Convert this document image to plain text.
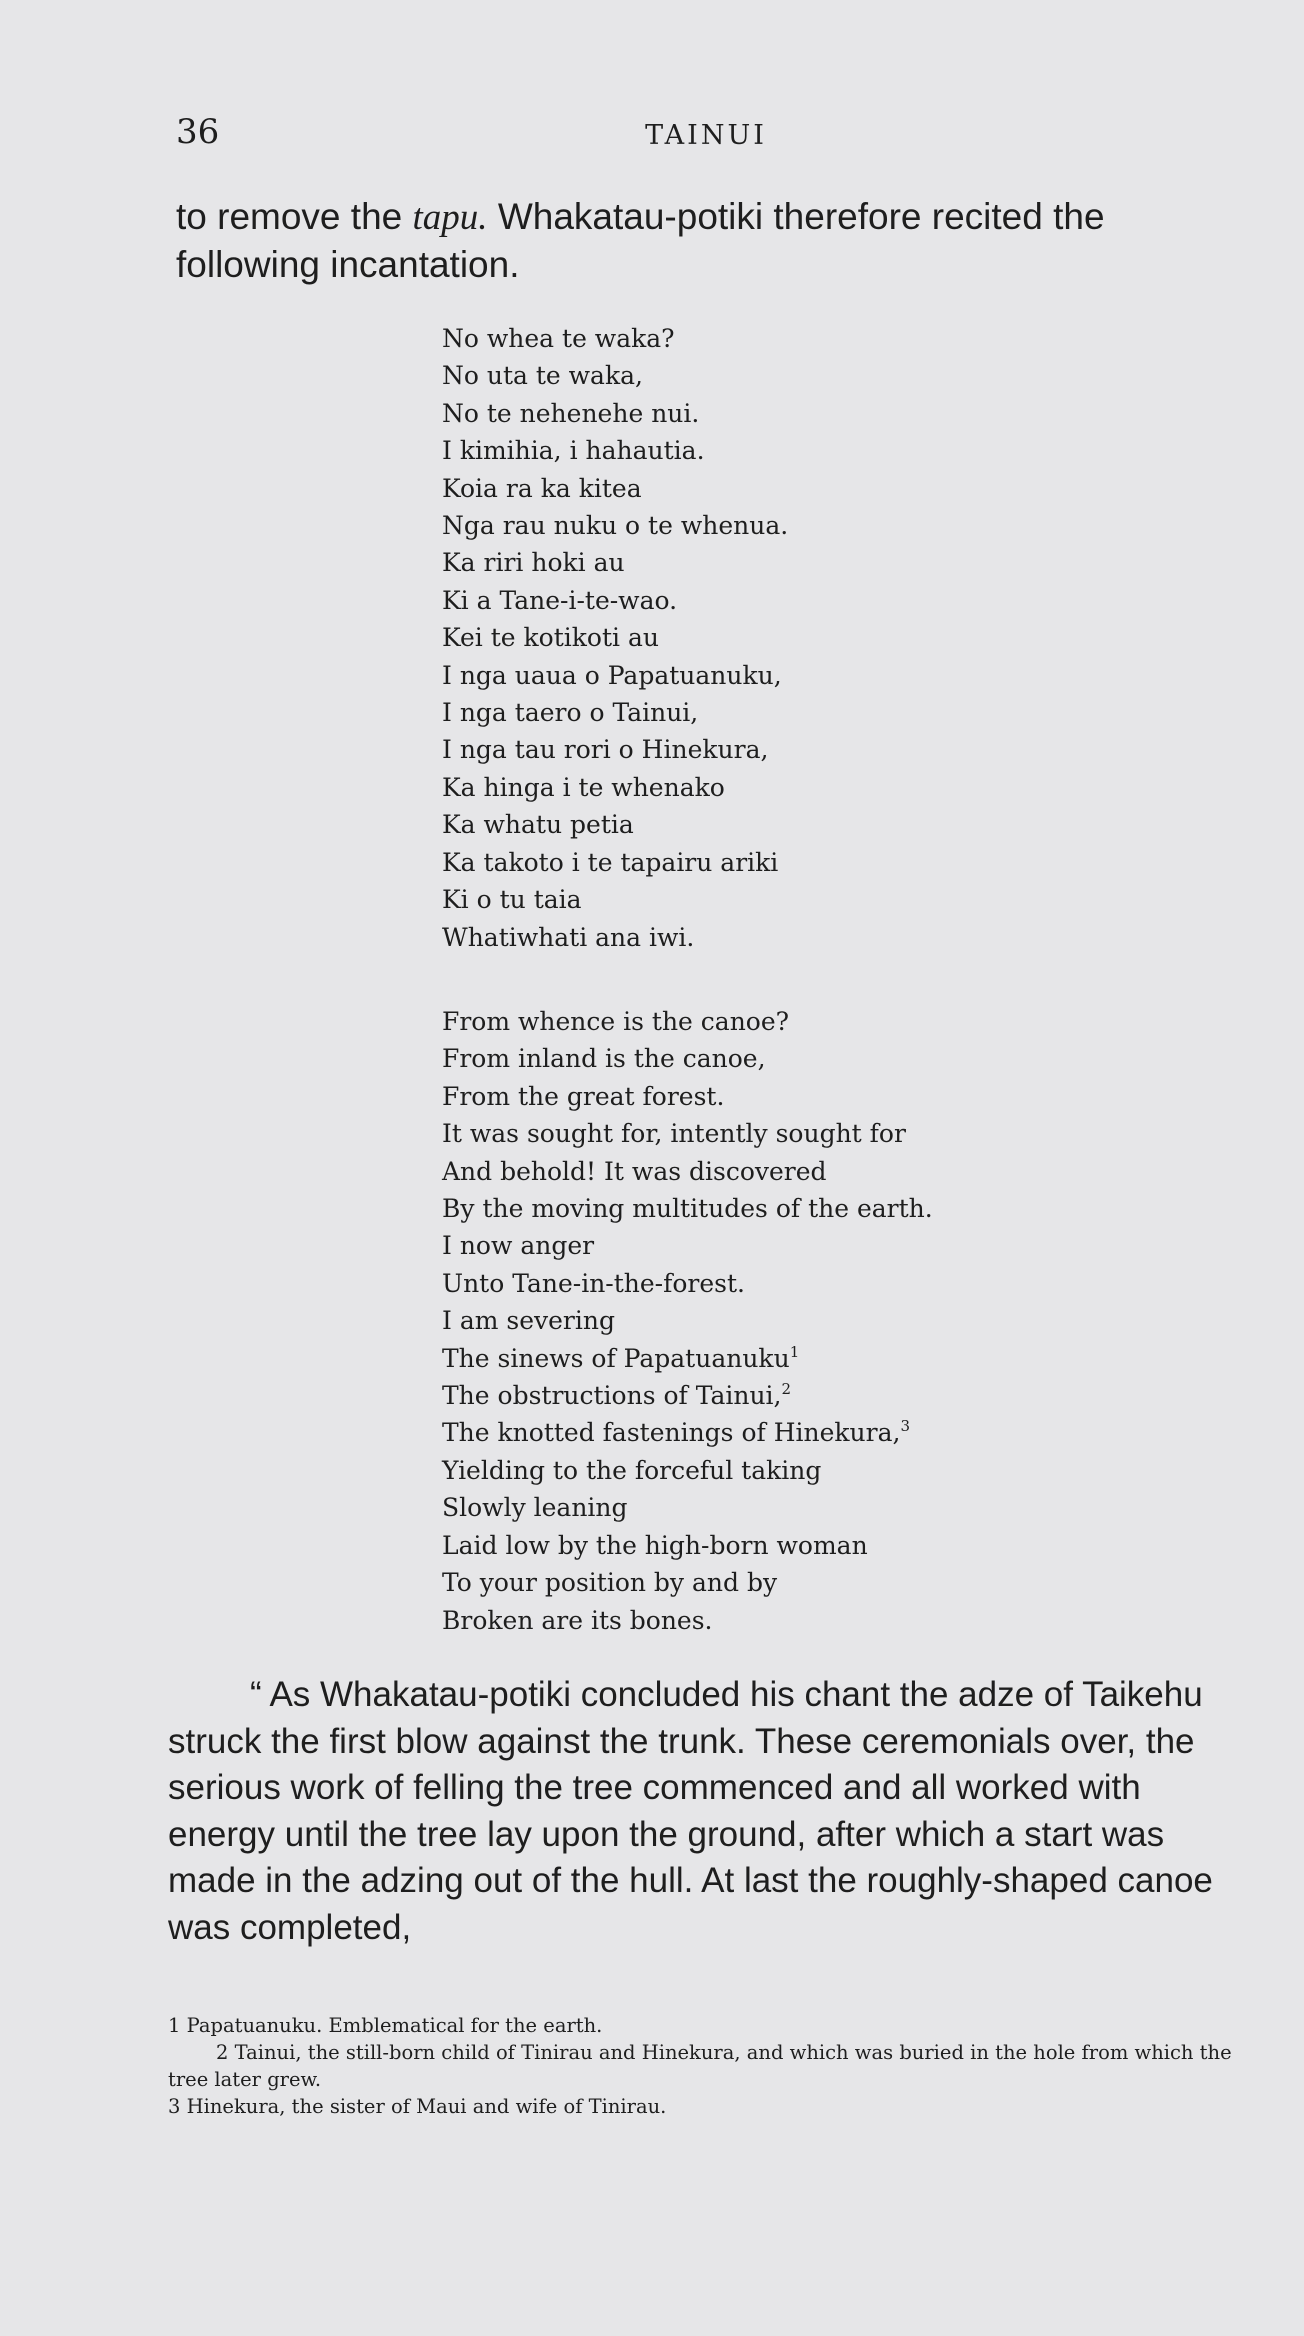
36	TAINUI

to remove the tapu. Whakatau-potiki therefore recited the following incantation.

No whea te waka?
No uta te waka,
No te nehenehe nui.
I kimihia, i hahautia.
Koia ra ka kitea
Nga rau nuku o te whenua.
Ka riri hoki au
Ki a Tane-i-te-wao.
Kei te kotikoti au
I nga uaua o Papatuanuku,
I nga taero o Tainui,
I nga tau rori o Hinekura,
Ka hinga i te whenako
Ka whatu petia
Ka takoto i te tapairu ariki
Ki o tu taia
Whatiwhati ana iwi.
From whence is the canoe?
From inland is the canoe,
From the great forest.
It was sought for, intently sought for
And behold! It was discovered
By the moving multitudes of the earth.
I now anger
Unto Tane-in-the-forest.
I am severing
The sinews of Papatuanuku$^1$
The obstructions of Tainui,$^2$
The knotted fastenings of Hinekura,$^3$
Yielding to the forceful taking
Slowly leaning
Laid low by the high-born woman
To your position by and by
Broken are its bones.

“ As Whakatau-potiki concluded his chant the adze of Taikehu struck the first blow against the trunk. These ceremonials over, the serious work of felling the tree commenced and all worked with energy until the tree lay upon the ground, after which a start was made in the adzing out of the hull. At last the roughly-shaped canoe was completed,

1 Papatuanuku. Emblematical for the earth.
2 Tainui, the still-born child of Tinirau and Hinekura, and which was buried in the hole from which the tree later grew.
3 Hinekura, the sister of Maui and wife of Tinirau.
